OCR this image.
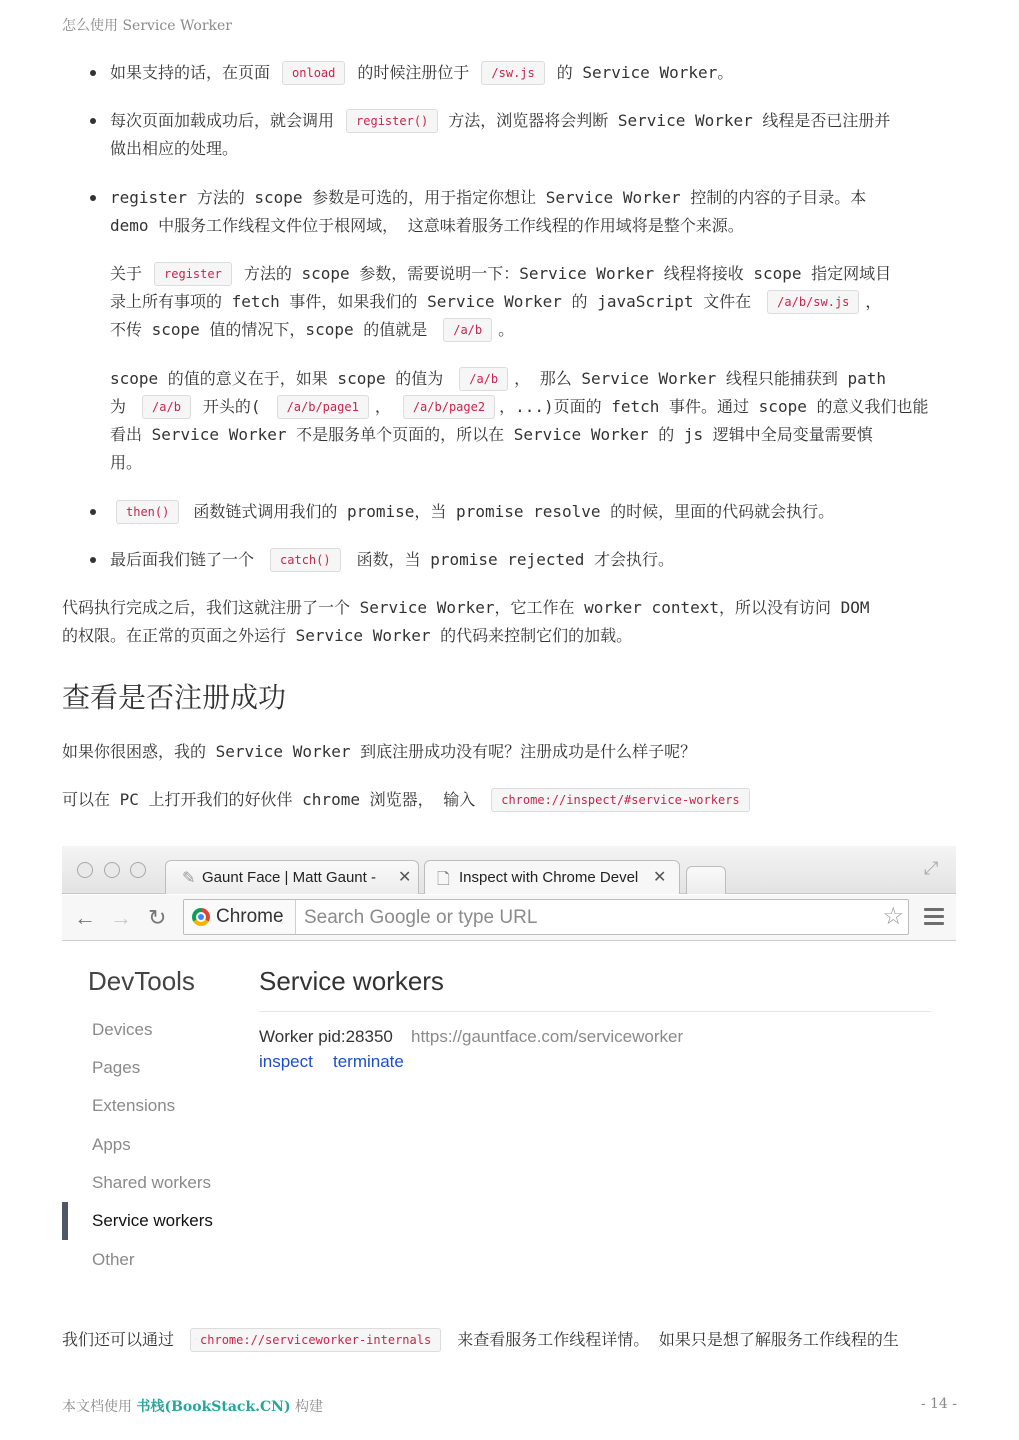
怎么使用 Service Worker
如果支持的话，在页面 onload 的时候注册位于 /sw.js 的 Service Worker。
每次页面加载成功后，就会调用 register() 方法，浏览器将会判断 Service Worker 线程是否已注册并
做出相应的处理。
register 方法的 scope 参数是可选的，用于指定你想让 Service Worker 控制的内容的子目录。本
demo 中服务工作线程文件位于根网域， 这意味着服务工作线程的作用域将是整个来源。
关于 register 方法的 scope 参数，需要说明一下：Service Worker 线程将接收 scope 指定网域目
录上所有事项的 fetch 事件，如果我们的 Service Worker 的 javaScript 文件在 /a/b/sw.js ，
不传 scope 值的情况下，scope 的值就是 /a/b 。
scope 的值的意义在于，如果 scope 的值为 /a/b ， 那么 Service Worker 线程只能捕获到 path
为 /a/b 开头的( /a/b/page1 ， /a/b/page2 ，...)页面的 fetch 事件。通过 scope 的意义我们也能
看出 Service Worker 不是服务单个页面的，所以在 Service Worker 的 js 逻辑中全局变量需要慎
用。
then() 函数链式调用我们的 promise，当 promise resolve 的时候，里面的代码就会执行。
最后面我们链了一个 catch() 函数，当 promise rejected 才会执行。
代码执行完成之后，我们这就注册了一个 Service Worker，它工作在 worker context，所以没有访问 DOM
的权限。在正常的页面之外运行 Service Worker 的代码来控制它们的加载。
查看是否注册成功
如果你很困惑，我的 Service Worker 到底注册成功没有呢？注册成功是什么样子呢？
可以在 PC 上打开我们的好伙伴 chrome 浏览器， 输入 chrome://inspect/#service-workers
✎ Gaunt Face | Matt Gaunt -	✕ 🗋 Inspect with Chrome Devel ✕	⤢
← → ↻	Chrome Search Google or type URL	☆
DevTools
Devices
Pages
Extensions
Apps
Shared workers
Service workers
Other
Service workers
Worker pid:28350 https://gauntface.com/serviceworker
inspect terminate
我们还可以通过 chrome://serviceworker-internals 来查看服务工作线程详情。 如果只是想了解服务工作线程的生
本文档使用 书栈(BookStack.CN) 构建	- 14 -
